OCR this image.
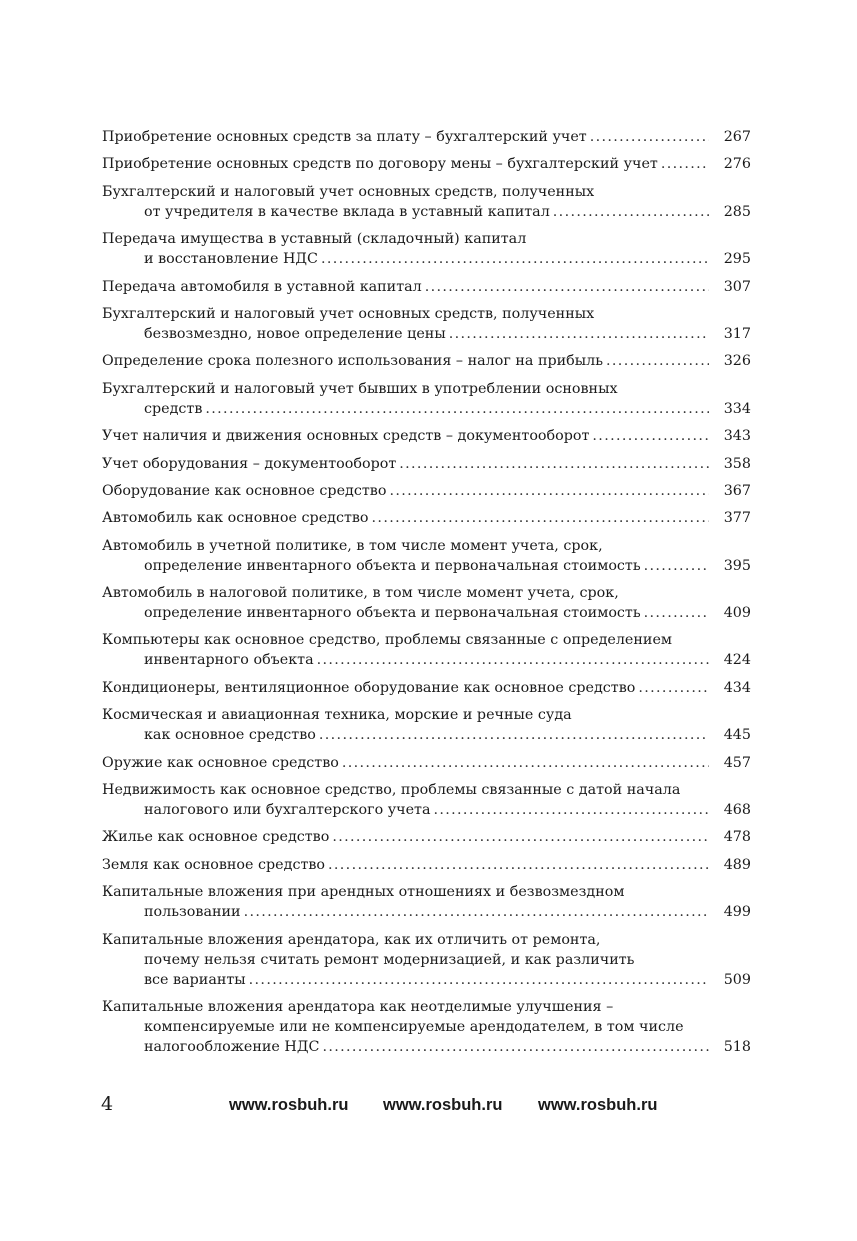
Приобретение основных средств за плату – бухгалтерский учет	267
. . .
Приобретение основных средств по договору мены – бухгалтерский учет	276
. . .
Бухгалтерский и налоговый учет основных средств, полученных
от учредителя в качестве вклада в уставный капитал	285
. . .
Передача имущества в уставный (складочный) капитал
и восстановление НДС	295
. . .
Передача автомобиля в уставной капитал	307
. . .
Бухгалтерский и налоговый учет основных средств, полученных
безвозмездно, новое определение цены	317
. . .
Определение срока полезного использования – налог на прибыль	326
. . .
Бухгалтерский и налоговый учет бывших в употреблении основных
средств	334
. . .
Учет наличия и движения основных средств – документооборот	343
. . .
Учет оборудования – документооборот	358
. . .
Оборудование как основное средство	367
. . .
Автомобиль как основное средство	377
. . .
Автомобиль в учетной политике, в том числе момент учета, срок,
определение инвентарного объекта и первоначальная стоимость	395
. . .
Автомобиль в налоговой политике, в том числе момент учета, срок,
определение инвентарного объекта и первоначальная стоимость	409
. . .
Компьютеры как основное средство, проблемы связанные с определением
инвентарного объекта	424
. . .
Кондиционеры, вентиляционное оборудование как основное средство	434
. . .
Космическая и авиационная техника, морские и речные суда
как основное средство	445
. . .
Оружие как основное средство	457
. . .
Недвижимость как основное средство, проблемы связанные с датой начала
налогового или бухгалтерского учета	468
. . .
Жилье как основное средство	478
. . .
Земля как основное средство	489
. . .
Капитальные вложения при арендных отношениях и безвозмездном
пользовании	499
. . .
Капитальные вложения арендатора, как их отличить от ремонта,
почему нельзя считать ремонт модернизацией, и как различить
все варианты	509
. . .
Капитальные вложения арендатора как неотделимые улучшения –
компенсируемые или не компенсируемые арендодателем, в том числе
налогообложение НДС	518
. . .
4	www.rosbuh.ru www.rosbuh.ru www.rosbuh.ru
